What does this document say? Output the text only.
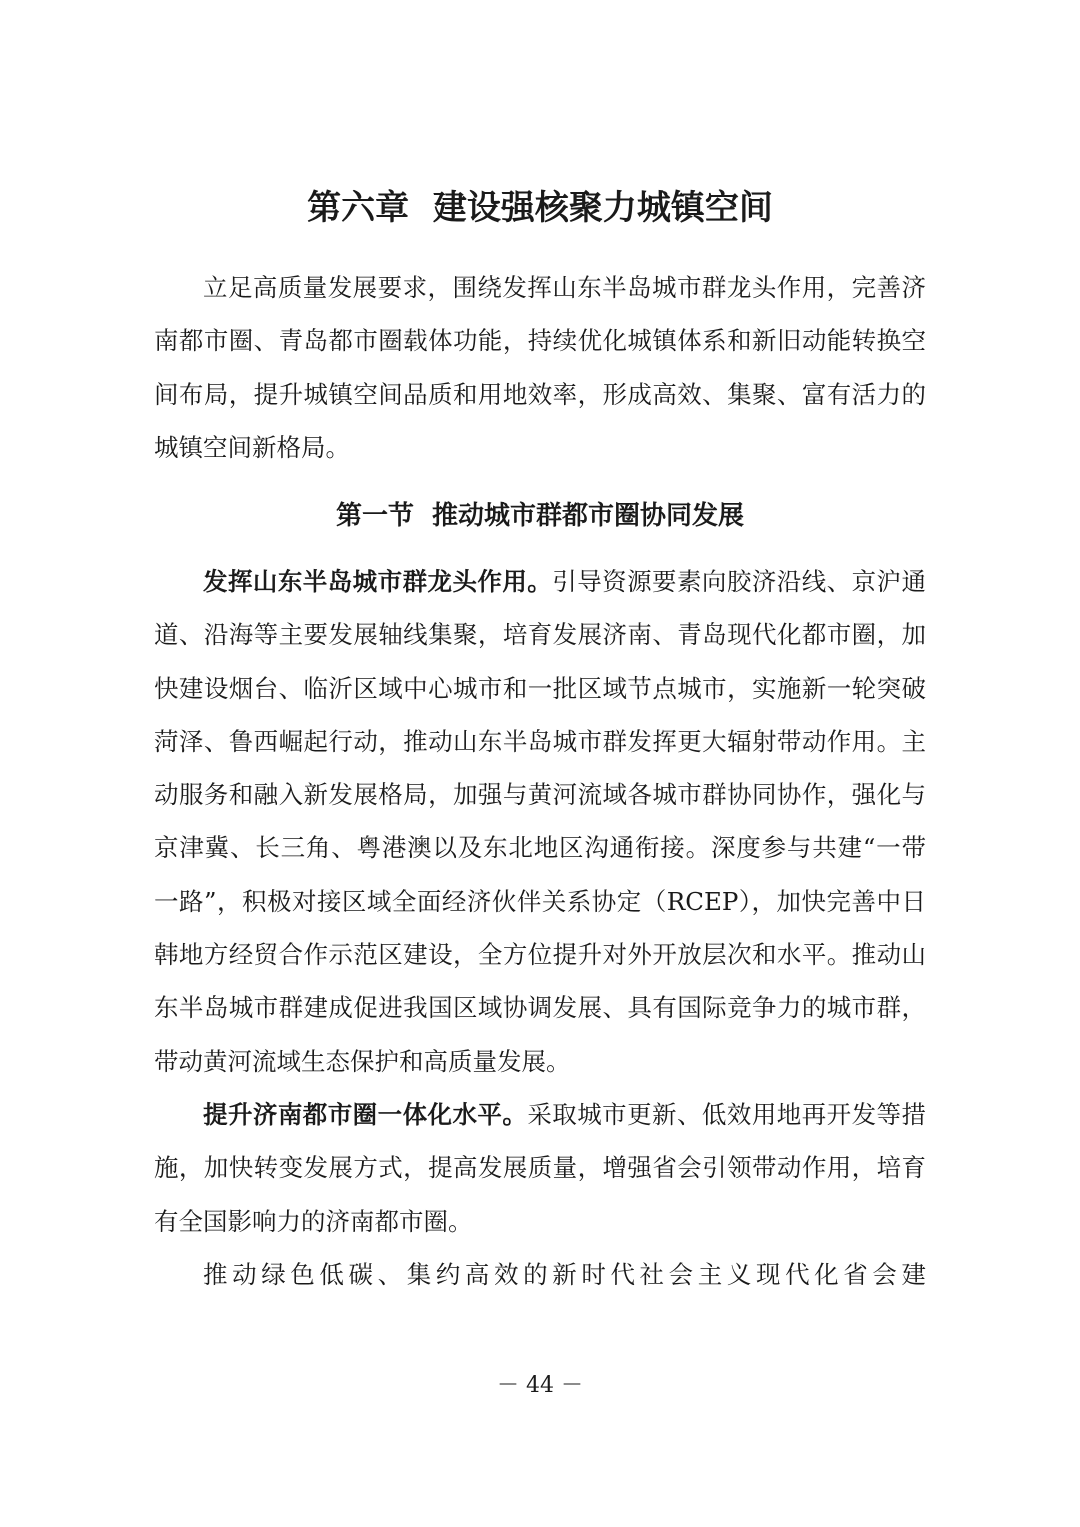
第六章  建设强核聚力城镇空间

立足高质量发展要求，围绕发挥山东半岛城市群龙头作用，完善济南都市圈、青岛都市圈载体功能，持续优化城镇体系和新旧动能转换空间布局，提升城镇空间品质和用地效率，形成高效、集聚、富有活力的城镇空间新格局。

第一节  推动城市群都市圈协同发展

发挥山东半岛城市群龙头作用。引导资源要素向胶济沿线、京沪通道、沿海等主要发展轴线集聚，培育发展济南、青岛现代化都市圈，加快建设烟台、临沂区域中心城市和一批区域节点城市，实施新一轮突破菏泽、鲁西崛起行动，推动山东半岛城市群发挥更大辐射带动作用。主动服务和融入新发展格局，加强与黄河流域各城市群协同协作，强化与京津冀、长三角、粤港澳以及东北地区沟通衔接。深度参与共建“一带一路”，积极对接区域全面经济伙伴关系协定（RCEP），加快完善中日韩地方经贸合作示范区建设，全方位提升对外开放层次和水平。推动山东半岛城市群建成促进我国区域协调发展、具有国际竞争力的城市群，带动黄河流域生态保护和高质量发展。

提升济南都市圈一体化水平。采取城市更新、低效用地再开发等措施，加快转变发展方式，提高发展质量，增强省会引领带动作用，培育有全国影响力的济南都市圈。

推动绿色低碳、集约高效的新时代社会主义现代化省会建

－ 44 －
